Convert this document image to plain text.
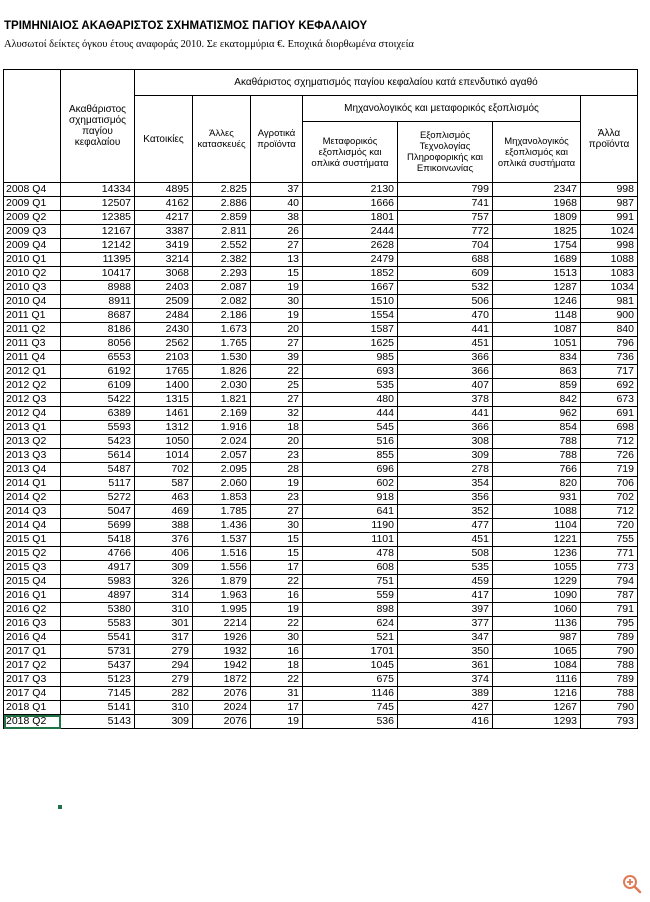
ΤΡΙΜΗΝΙΑΙΟΣ ΑΚΑΘΑΡΙΣΤΟΣ ΣΧΗΜΑΤΙΣΜΟΣ ΠΑΓΙΟΥ ΚΕΦΑΛΑΙΟΥ
Αλυσωτοί δείκτες όγκου έτους αναφοράς 2010. Σε εκατομμύρια €. Εποχικά διορθωμένα στοιχεία
	Ακαθάριστος σχηματισμός παγίου κεφαλαίου	Ακαθάριστος σχηματισμός παγίου κεφαλαίου κατά επενδυτικό αγαθό						
		Κατοικίες	Άλλες κατασκευές	Αγροτικά προϊόντα	Μηχανολογικός και μεταφορικός εξοπλισμός			Άλλα προϊόντα
					Μεταφορικός εξοπλισμός και οπλικά συστήματα	Εξοπλισμός Τεχνολογίας Πληροφορικής και Επικοινωνίας	Μηχανολογικός εξοπλισμός και οπλικά συστήματα	
2008 Q4	14334	4895	2.825	37	2130	799	2347	998
2009 Q1	12507	4162	2.886	40	1666	741	1968	987
2009 Q2	12385	4217	2.859	38	1801	757	1809	991
2009 Q3	12167	3387	2.811	26	2444	772	1825	1024
2009 Q4	12142	3419	2.552	27	2628	704	1754	998
2010 Q1	11395	3214	2.382	13	2479	688	1689	1088
2010 Q2	10417	3068	2.293	15	1852	609	1513	1083
2010 Q3	8988	2403	2.087	19	1667	532	1287	1034
2010 Q4	8911	2509	2.082	30	1510	506	1246	981
2011 Q1	8687	2484	2.186	19	1554	470	1148	900
2011 Q2	8186	2430	1.673	20	1587	441	1087	840
2011 Q3	8056	2562	1.765	27	1625	451	1051	796
2011 Q4	6553	2103	1.530	39	985	366	834	736
2012 Q1	6192	1765	1.826	22	693	366	863	717
2012 Q2	6109	1400	2.030	25	535	407	859	692
2012 Q3	5422	1315	1.821	27	480	378	842	673
2012 Q4	6389	1461	2.169	32	444	441	962	691
2013 Q1	5593	1312	1.916	18	545	366	854	698
2013 Q2	5423	1050	2.024	20	516	308	788	712
2013 Q3	5614	1014	2.057	23	855	309	788	726
2013 Q4	5487	702	2.095	28	696	278	766	719
2014 Q1	5117	587	2.060	19	602	354	820	706
2014 Q2	5272	463	1.853	23	918	356	931	702
2014 Q3	5047	469	1.785	27	641	352	1088	712
2014 Q4	5699	388	1.436	30	1190	477	1104	720
2015 Q1	5418	376	1.537	15	1101	451	1221	755
2015 Q2	4766	406	1.516	15	478	508	1236	771
2015 Q3	4917	309	1.556	17	608	535	1055	773
2015 Q4	5983	326	1.879	22	751	459	1229	794
2016 Q1	4897	314	1.963	16	559	417	1090	787
2016 Q2	5380	310	1.995	19	898	397	1060	791
2016 Q3	5583	301	2214	22	624	377	1136	795
2016 Q4	5541	317	1926	30	521	347	987	789
2017 Q1	5731	279	1932	16	1701	350	1065	790
2017 Q2	5437	294	1942	18	1045	361	1084	788
2017 Q3	5123	279	1872	22	675	374	1116	789
2017 Q4	7145	282	2076	31	1146	389	1216	788
2018 Q1	5141	310	2024	17	745	427	1267	790
2018 Q2	5143	309	2076	19	536	416	1293	793
